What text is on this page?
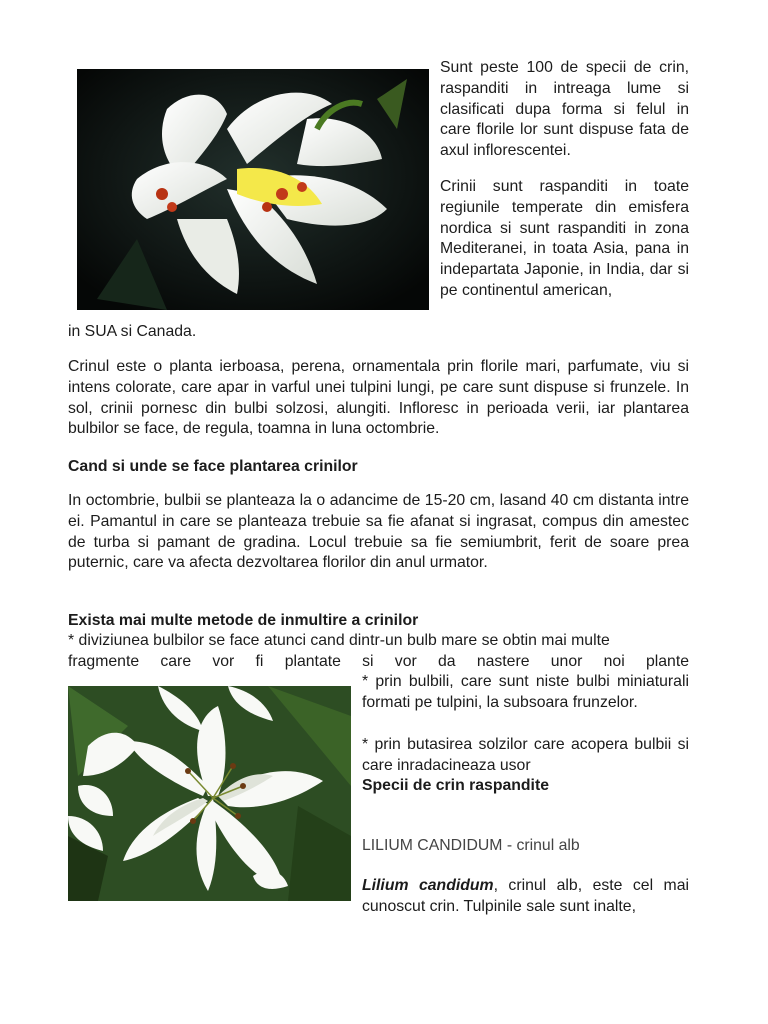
Sunt peste 100 de specii de crin, raspanditi in intreaga lume si clasificati dupa forma si felul in care florile lor sunt dispuse fata de axul inflorescentei.

Crinii sunt raspanditi in toate regiunile temperate din emisfera nordica si sunt raspanditi in zona Mediteranei, in toata Asia, pana in indepartata Japonie, in India, dar si pe continentul american,

in SUA si Canada.

Crinul este o planta ierboasa, perena, ornamentala prin florile mari, parfumate, viu si intens colorate, care apar in varful unei tulpini lungi, pe care sunt dispuse si frunzele. In sol, crinii pornesc din bulbi solzosi, alungiti. Infloresc in perioada verii, iar plantarea bulbilor se face, de regula, toamna in luna octombrie.

Cand si unde se face plantarea crinilor

In octombrie, bulbii se planteaza la o adancime de 15-20 cm, lasand 40 cm distanta intre ei. Pamantul in care se planteaza trebuie sa fie afanat si ingrasat, compus din amestec de turba si pamant de gradina. Locul trebuie sa fie semiumbrit, ferit de soare prea puternic, care va afecta dezvoltarea florilor din anul urmator.

Exista mai multe metode de inmultire a crinilor

* diviziunea bulbilor se face atunci cand dintr-un bulb mare se obtin mai multe

fragmente care vor fi plantate si vor da nastere unor noi plante

* prin bulbili, care sunt niste bulbi miniaturali formati pe tulpini, la subsoara frunzelor.

* prin butasirea solzilor care acopera bulbii si care inradacineaza usor

Specii de crin raspandite

LILIUM CANDIDUM - crinul alb

Lilium candidum, crinul alb, este cel mai cunoscut crin. Tulpinile sale sunt inalte,
